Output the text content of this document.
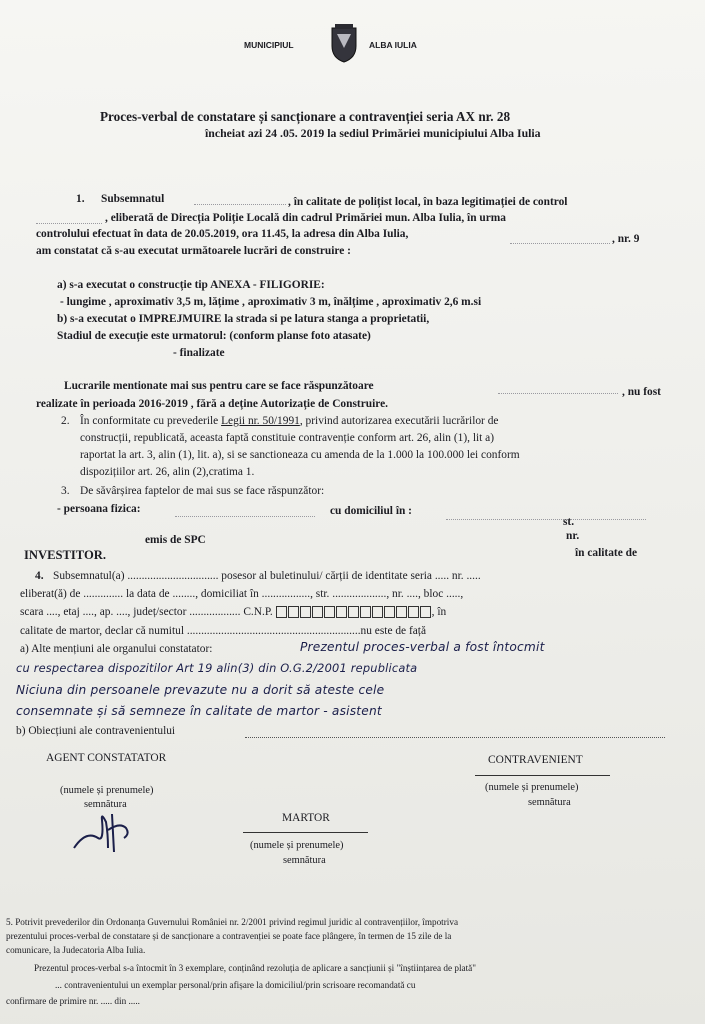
MUNICIPIUL	ALBA IULIA
Proces-verbal de constatare și sancționare a contravenției seria AX nr. 28
încheiat azi 24 .05. 2019 la sediul Primăriei municipiului Alba Iulia
1. Subsemnatul	, în calitate de polițist local, în baza legitimației de control
, eliberată de Direcția Poliție Locală din cadrul Primăriei mun. Alba Iulia, în urma
controlului efectuat în data de 20.05.2019, ora 11.45, la adresa din Alba Iulia,	, nr. 9
am constatat că s-au executat următoarele lucrări de construire :
a) s-a executat o construcție tip ANEXA - FILIGORIE:
- lungime , aproximativ 3,5 m, lățime , aproximativ 3 m, înălțime , aproximativ 2,6 m.si
b) s-a executat o IMPREJMUIRE la strada si pe latura stanga a proprietatii,
Stadiul de execuție este urmatorul: (conform planse foto atasate)
- finalizate
Lucrarile mentionate mai sus pentru care se face răspunzătoare	, nu fost
realizate în perioada 2016-2019 , fără a deține Autorizație de Construire.
2. În conformitate cu prevederile Legii nr. 50/1991, privind autorizarea executării lucrărilor de
construcții, republicată, aceasta faptă constituie contravenție conform art. 26, alin (1), lit a)
raportat la art. 3, alin (1), lit. a), si se sanctioneaza cu amenda de la 1.000 la 100.000 lei conform
dispozițiilor art. 26, alin (2),cratima 1.
3. De săvârșirea faptelor de mai sus se face răspunzător:
- persoana fizica:	cu domiciliul în :
st.
nr.
emis de SPC
INVESTITOR.	în calitate de
4. Subsemnatul(a) ................................ posesor al buletinului/ cărții de identitate seria ..... nr. .....
eliberat(ă) de .............. la data de ........, domiciliat în ................., str. ..................., nr. ...., bloc .....,
scara ...., etaj ...., ap. ...., județ/sector .................. C.N.P.	, în
calitate de martor, declar că numitul .............................................................nu este de față
a) Alte mențiuni ale organului constatator:	Prezentul proces-verbal a fost întocmit
cu respectarea dispozitilor Art 19 alin(3) din O.G.2/2001 republicata
Niciuna din persoanele prevazute nu a dorit să ateste cele
consemnate și să semneze în calitate de martor - asistent
b) Obiecțiuni ale contravenientului
AGENT CONSTATATOR
(numele și prenumele)
semnătura
CONTRAVENIENT
(numele și prenumele)
semnătura
MARTOR
(numele și prenumele)
semnătura
5. Potrivit prevederilor din Ordonanța Guvernului României nr. 2/2001 privind regimul juridic al contravențiilor, împotriva
prezentului proces-verbal de constatare și de sancționare a contravenției se poate face plângere, în termen de 15 zile de la
comunicare, la Judecatoria Alba Iulia.
Prezentul proces-verbal s-a întocmit în 3 exemplare, conținând rezoluția de aplicare a sancțiunii și "înștiințarea de plată"
... contravenientului un exemplar personal/prin afișare la domiciliul/prin scrisoare recomandată cu
confirmare de primire nr. ..... din .....
